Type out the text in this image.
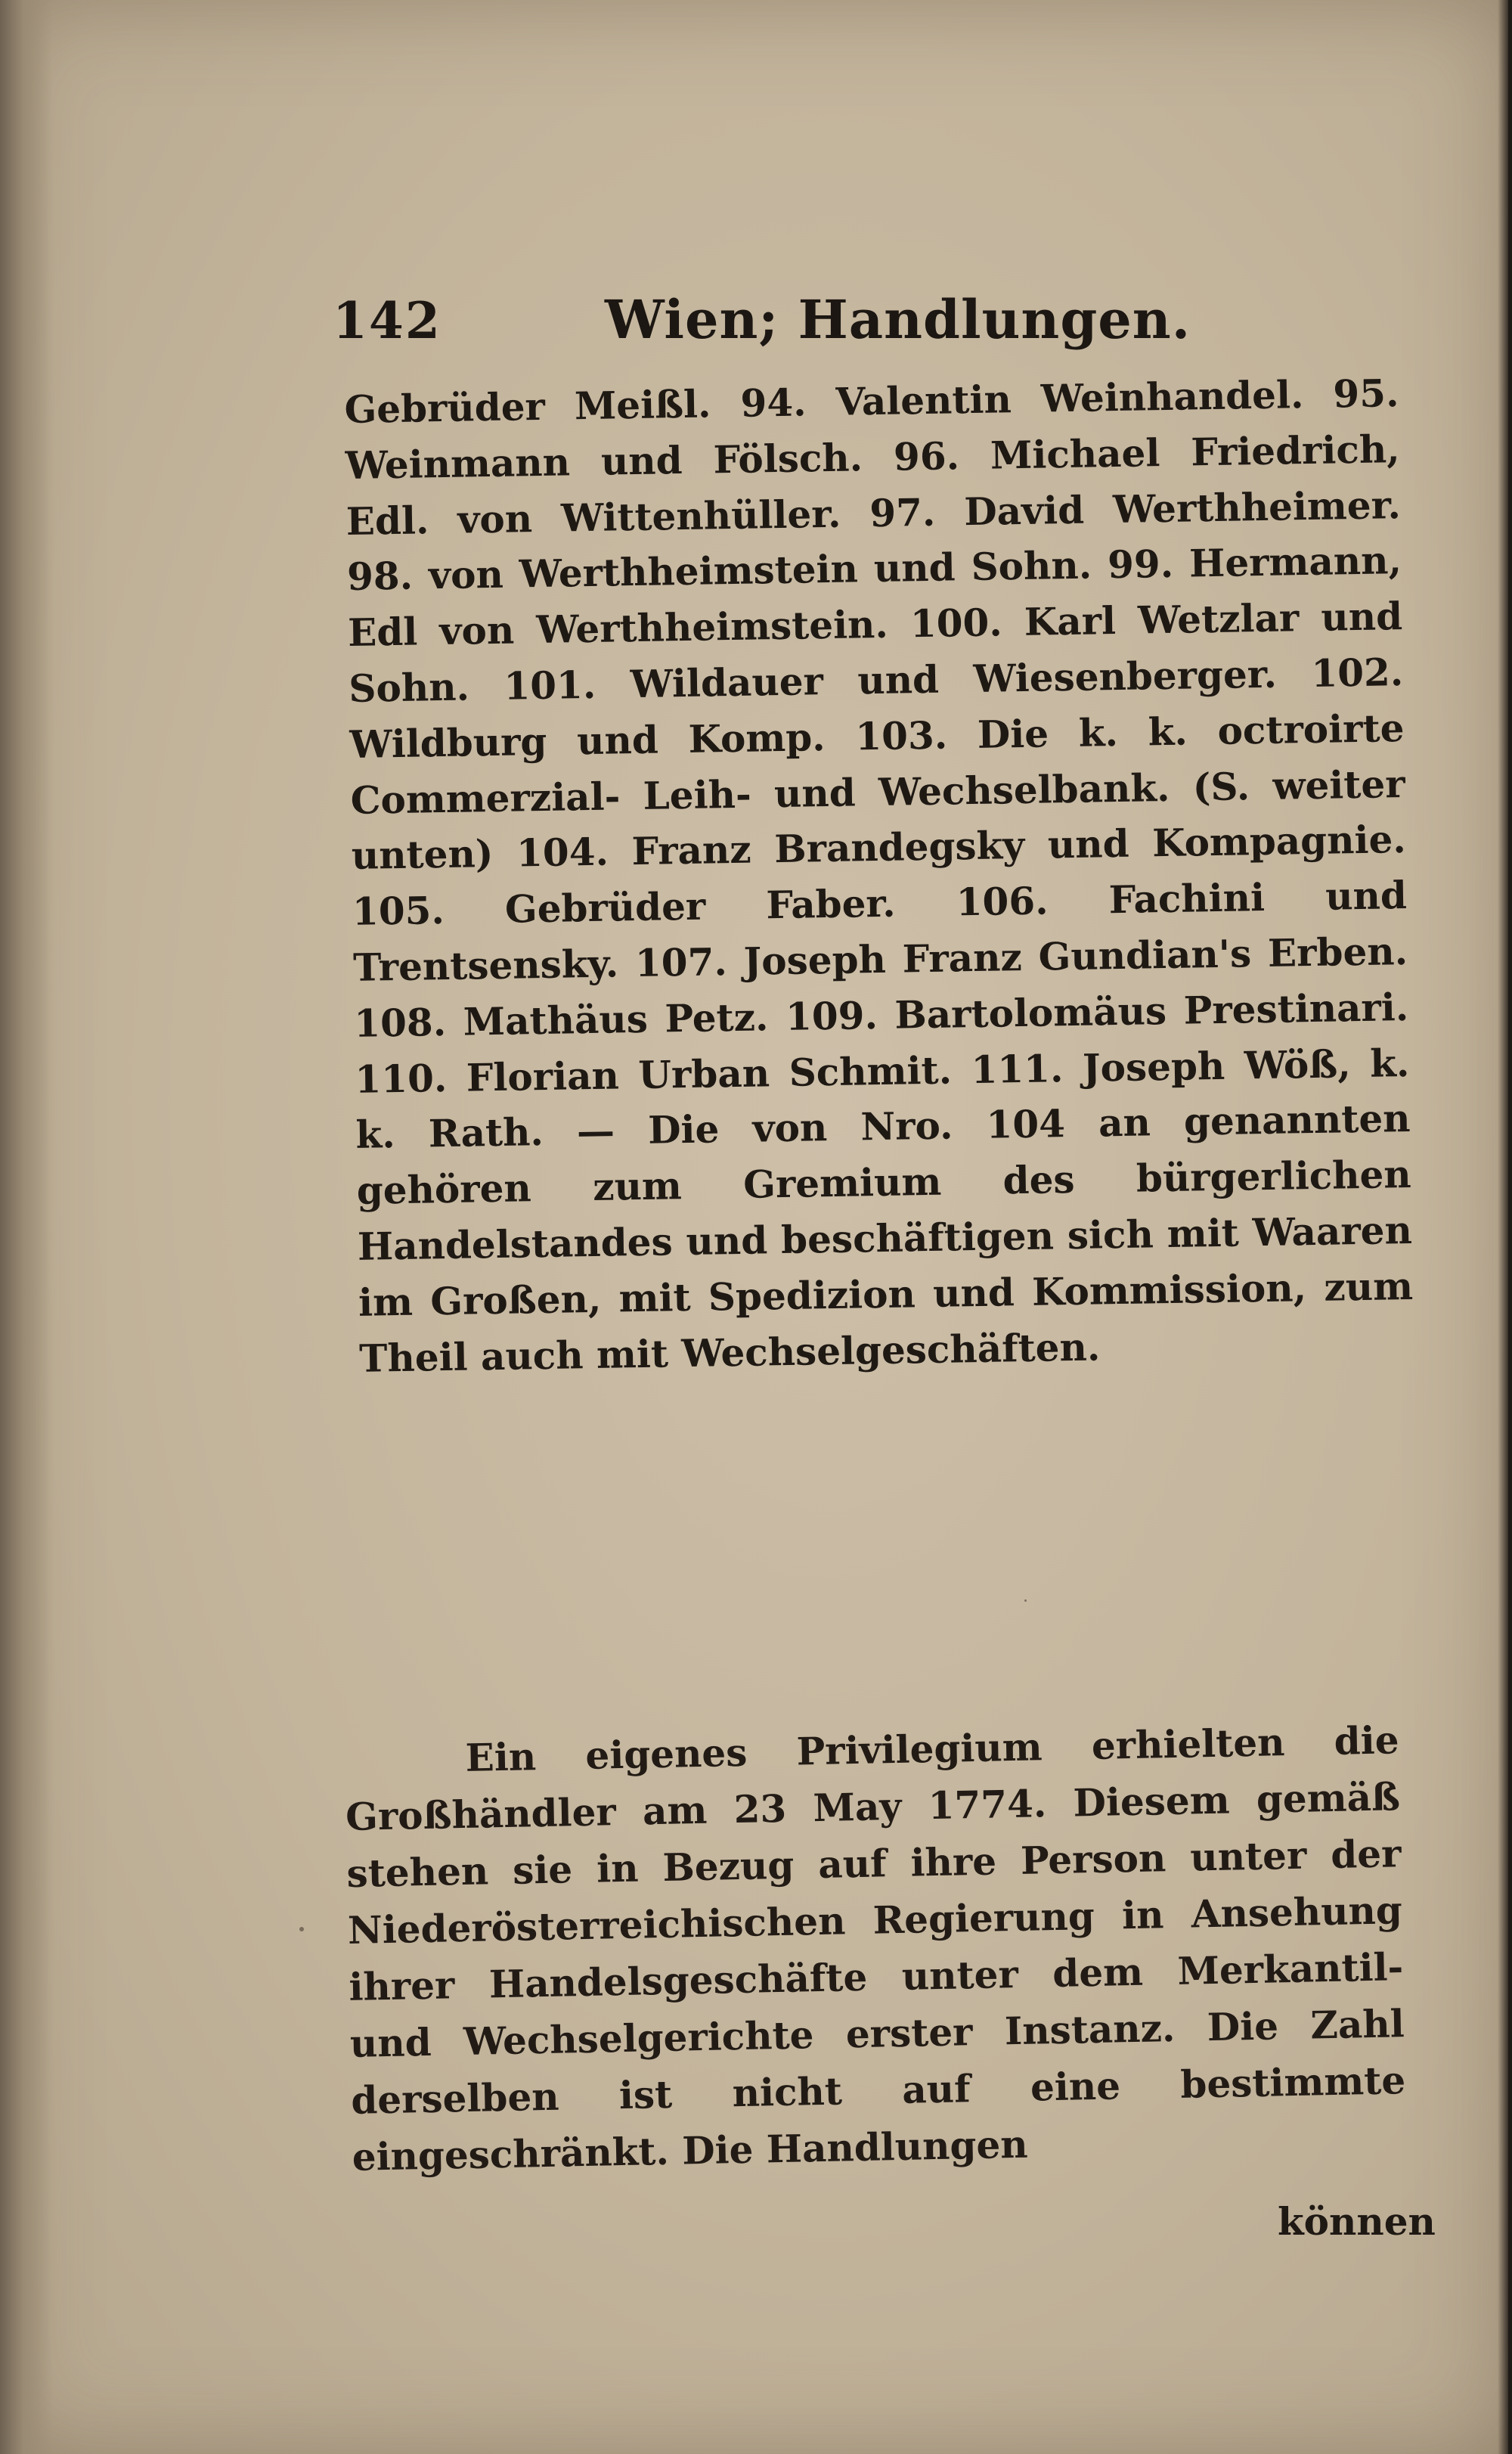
142	Wien; Handlungen.
Gebrüder Meißl. 94. Valentin Weinhandel. 95. Weinmann und Fölsch. 96. Michael Friedrich, Edl. von Wittenhüller. 97. David Werthheimer. 98. von Werthheimstein und Sohn. 99. Hermann, Edl von Werthheimstein. 100. Karl Wetzlar und Sohn. 101. Wildauer und Wiesenberger. 102. Wildburg und Komp. 103. Die k. k. octroirte Commerzial- Leih- und Wechselbank. (S. weiter unten) 104. Franz Brandegsky und Kompagnie. 105. Gebrüder Faber. 106. Fachini und Trentsensky. 107. Joseph Franz Gundian's Erben. 108. Mathäus Petz. 109. Bartolomäus Prestinari. 110. Florian Urban Schmit. 111. Joseph Wöß, k. k. Rath. — Die von Nro. 104 an genannten gehören zum Gremium des bürgerlichen Handelstandes und beschäftigen sich mit Waaren im Großen, mit Spedizion und Kommission, zum Theil auch mit Wechselgeschäften.
Ein eigenes Privilegium erhielten die Großhändler am 23 May 1774. Diesem gemäß stehen sie in Bezug auf ihre Person unter der Niederösterreichischen Regierung in Ansehung ihrer Handelsgeschäfte unter dem Merkantil- und Wechselgerichte erster Instanz. Die Zahl derselben ist nicht auf eine bestimmte eingeschränkt. Die Handlungen
können
